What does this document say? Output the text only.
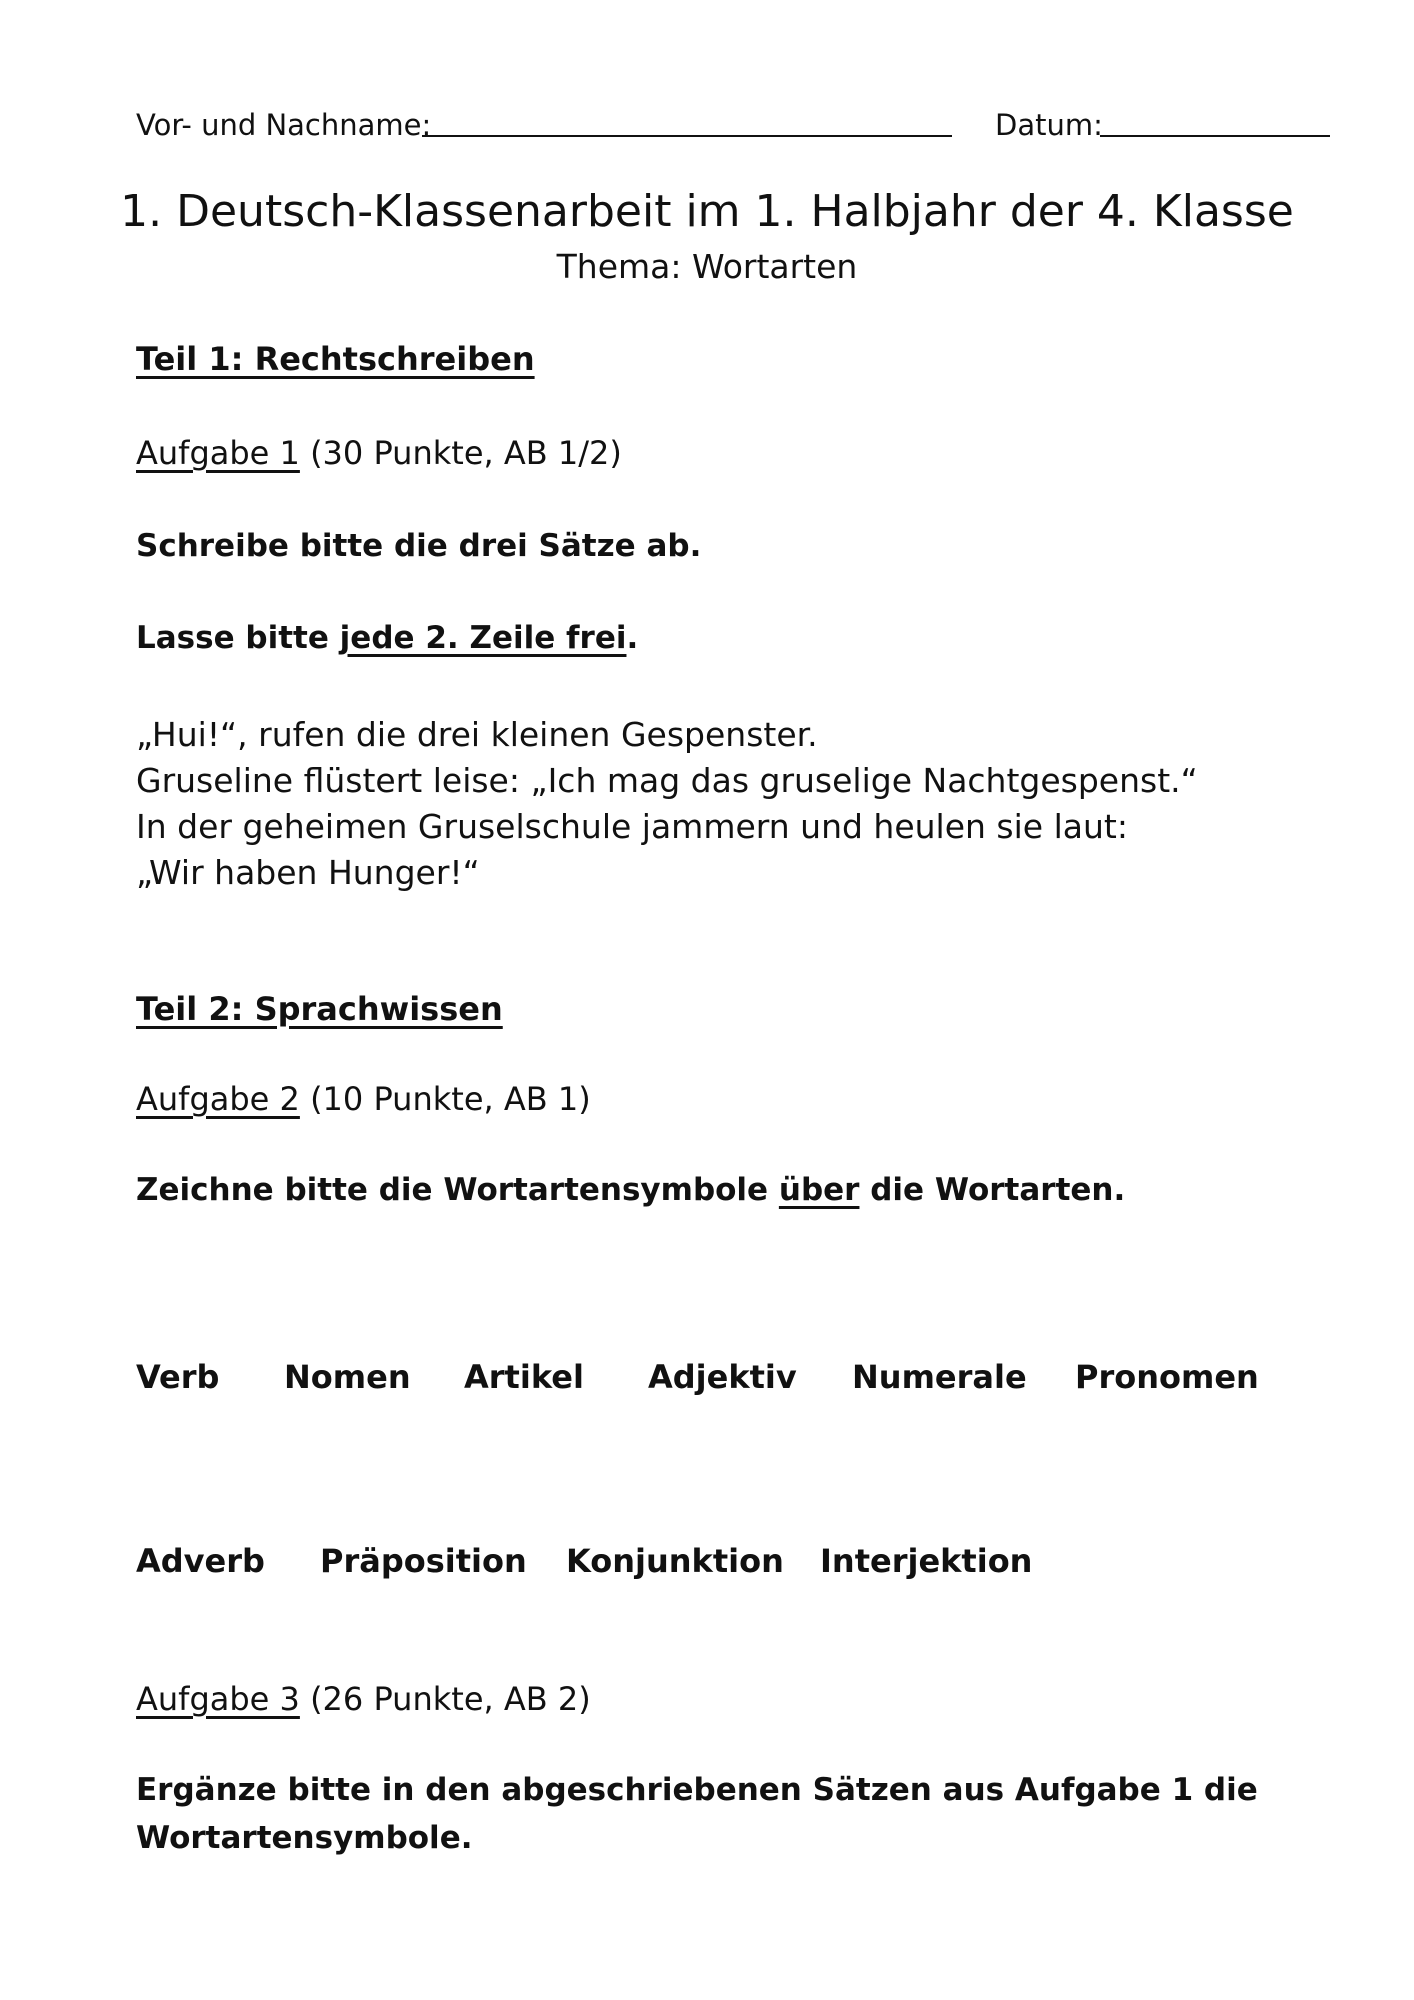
Vor- und Nachname:	Datum:
1. Deutsch-Klassenarbeit im 1. Halbjahr der 4. Klasse
Thema: Wortarten
Teil 1: Rechtschreiben
Aufgabe 1 (30 Punkte, AB 1/2)
Schreibe bitte die drei Sätze ab.
Lasse bitte jede 2. Zeile frei.
„Hui!“, rufen die drei kleinen Gespenster.
Gruseline flüstert leise: „Ich mag das gruselige Nachtgespenst.“
In der geheimen Gruselschule jammern und heulen sie laut:
„Wir haben Hunger!“
Teil 2: Sprachwissen
Aufgabe 2 (10 Punkte, AB 1)
Zeichne bitte die Wortartensymbole über die Wortarten.
Verb Nomen Artikel Adjektiv Numerale Pronomen
Adverb Präposition Konjunktion Interjektion
Aufgabe 3 (26 Punkte, AB 2)
Ergänze bitte in den abgeschriebenen Sätzen aus Aufgabe 1 die
Wortartensymbole.
